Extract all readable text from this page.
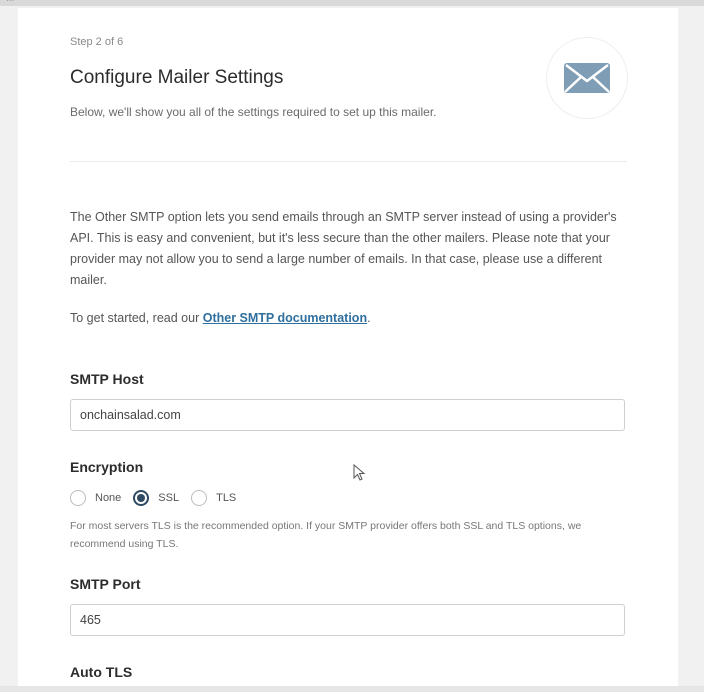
Step 2 of 6
Configure Mailer Settings
Below, we'll show you all of the settings required to set up this mailer.

The Other SMTP option lets you send emails through an SMTP server instead of using a provider's API. This is easy and convenient, but it's less secure than the other mailers. Please note that your provider may not allow you to send a large number of emails. In that case, please use a different mailer.

To get started, read our Other SMTP documentation.
SMTP Host
onchainsalad.com
Encryption
None	SSL	TLS

For most servers TLS is the recommended option. If your SMTP provider offers both SSL and TLS options, we recommend using TLS.

SMTP Port
465
Auto TLS
